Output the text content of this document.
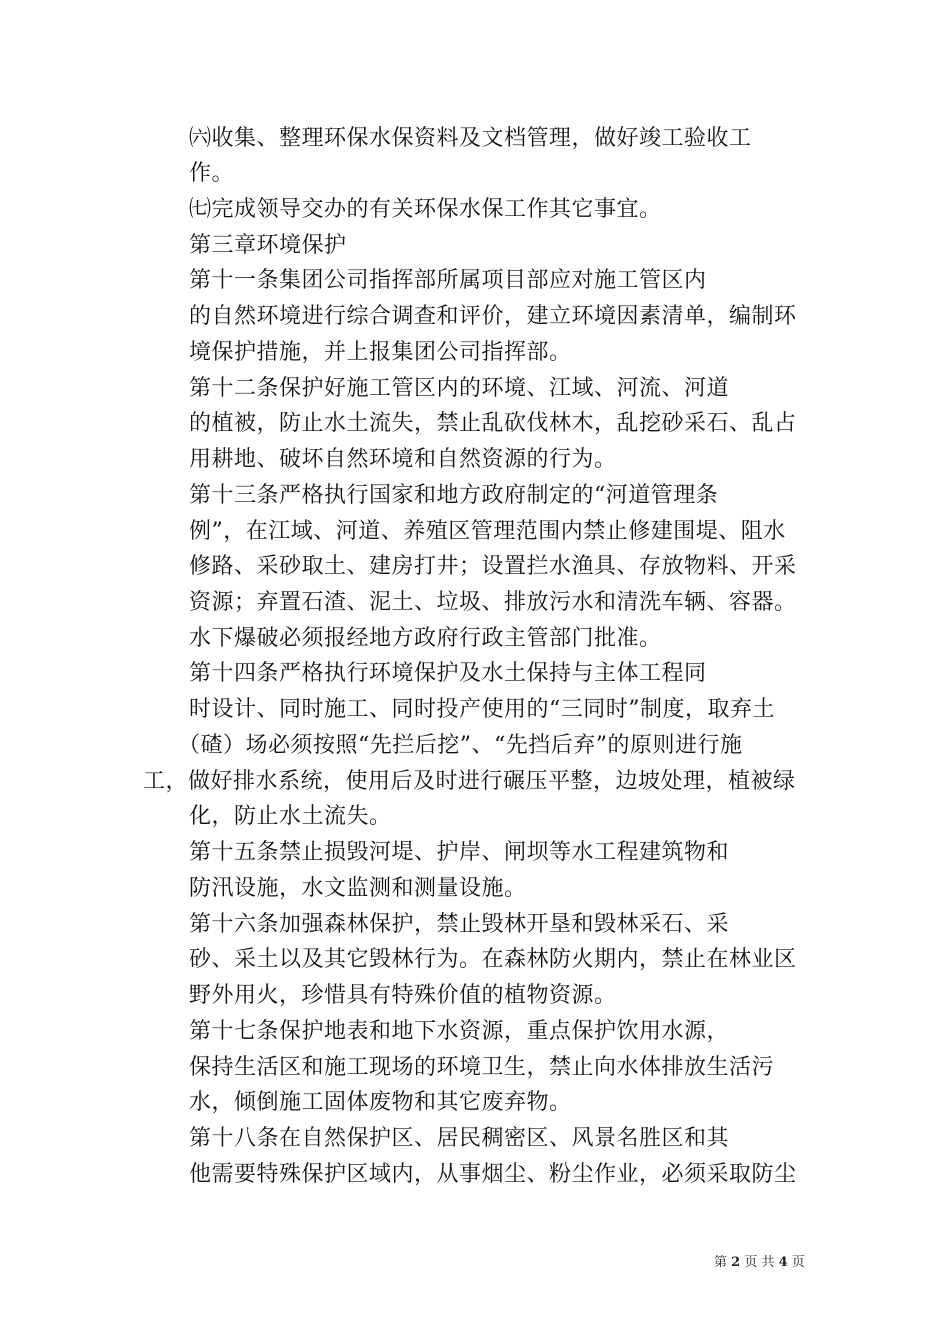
㈥收集、整理环保水保资料及文档管理，做好竣工验收工
作。
㈦完成领导交办的有关环保水保工作其它事宜。
第三章环境保护
第十一条集团公司指挥部所属项目部应对施工管区内
的自然环境进行综合调查和评价，建立环境因素清单，编制环
境保护措施，并上报集团公司指挥部。
第十二条保护好施工管区内的环境、江域、河流、河道
的植被，防止水土流失，禁止乱砍伐林木，乱挖砂采石、乱占
用耕地、破坏自然环境和自然资源的行为。
第十三条严格执行国家和地方政府制定的“河道管理条
例”，在江域、河道、养殖区管理范围内禁止修建围堤、阻水
修路、采砂取土、建房打井；设置拦水渔具、存放物料、开采
资源；弃置石渣、泥土、垃圾、排放污水和清洗车辆、容器。
水下爆破必须报经地方政府行政主管部门批准。
第十四条严格执行环境保护及水土保持与主体工程同
时设计、同时施工、同时投产使用的“三同时”制度，取弃土
（碴）场必须按照“先拦后挖”、“先挡后弃”的原则进行施
工，做好排水系统，使用后及时进行碾压平整，边坡处理，植被绿
化，防止水土流失。
第十五条禁止损毁河堤、护岸、闸坝等水工程建筑物和
防汛设施，水文监测和测量设施。
第十六条加强森林保护，禁止毁林开垦和毁林采石、采
砂、采土以及其它毁林行为。在森林防火期内，禁止在林业区
野外用火，珍惜具有特殊价值的植物资源。
第十七条保护地表和地下水资源，重点保护饮用水源，
保持生活区和施工现场的环境卫生，禁止向水体排放生活污
水，倾倒施工固体废物和其它废弃物。
第十八条在自然保护区、居民稠密区、风景名胜区和其
他需要特殊保护区域内，从事烟尘、粉尘作业，必须采取防尘
第 2 页 共 4 页
